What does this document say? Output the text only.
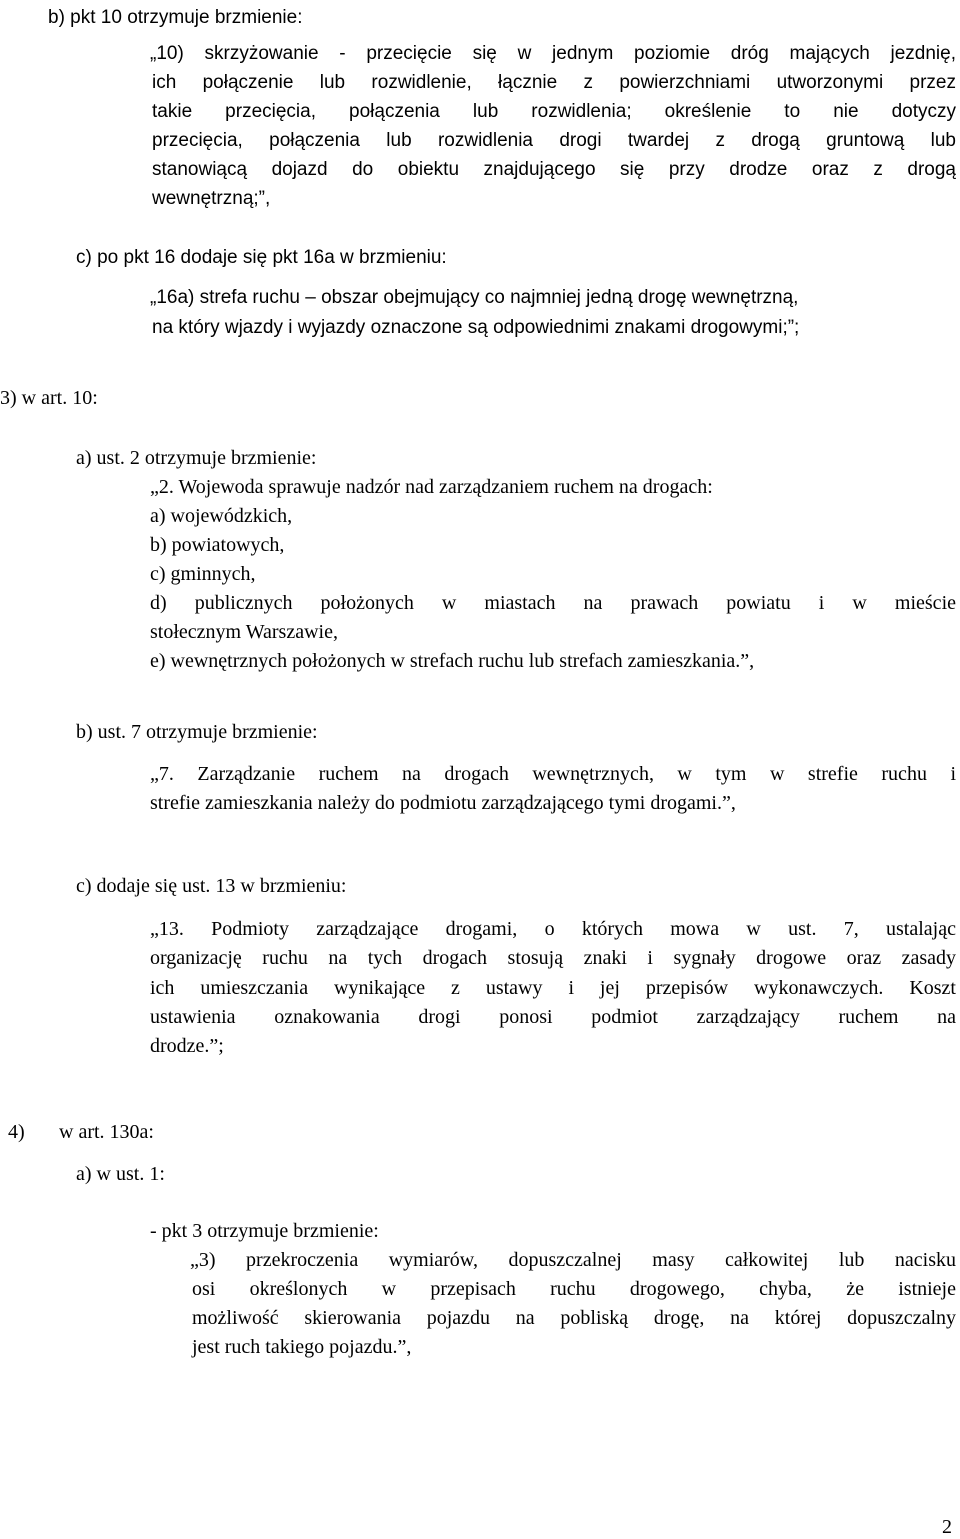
b) pkt 10 otrzymuje brzmienie:
„10) skrzyżowanie - przecięcie się w jednym poziomie dróg mających jezdnię,
ich połączenie lub rozwidlenie, łącznie z powierzchniami utworzonymi przez
takie przecięcia, połączenia lub rozwidlenia; określenie to nie dotyczy
przecięcia, połączenia lub rozwidlenia drogi twardej z drogą gruntową lub
stanowiącą dojazd do obiektu znajdującego się przy drodze oraz z drogą
wewnętrzną;”,
c) po pkt 16 dodaje się pkt 16a w brzmieniu:
„16a) strefa ruchu – obszar obejmujący co najmniej jedną drogę wewnętrzną,
na który wjazdy i wyjazdy oznaczone są odpowiednimi znakami drogowymi;”;
3) w art. 10:
a) ust. 2 otrzymuje brzmienie:
„2. Wojewoda sprawuje nadzór nad zarządzaniem ruchem na drogach:
a) wojewódzkich,
b) powiatowych,
c) gminnych,
d) publicznych położonych w miastach na prawach powiatu i w mieście
stołecznym Warszawie,
e) wewnętrznych położonych w strefach ruchu lub strefach zamieszkania.”,
b) ust. 7 otrzymuje brzmienie:
„7. Zarządzanie ruchem na drogach wewnętrznych, w tym w strefie ruchu i
strefie zamieszkania należy do podmiotu zarządzającego tymi drogami.”,
c) dodaje się ust. 13 w brzmieniu:
„13. Podmioty zarządzające drogami, o których mowa w ust. 7, ustalając
organizację ruchu na tych drogach stosują znaki i sygnały drogowe oraz zasady
ich umieszczania wynikające z ustawy i jej przepisów wykonawczych. Koszt
ustawienia oznakowania drogi ponosi podmiot zarządzający ruchem na
drodze.”;
4) w art. 130a:
a) w ust. 1:
- pkt 3 otrzymuje brzmienie:
„3) przekroczenia wymiarów, dopuszczalnej masy całkowitej lub nacisku
osi określonych w przepisach ruchu drogowego, chyba, że istnieje
możliwość skierowania pojazdu na pobliską drogę, na której dopuszczalny
jest ruch takiego pojazdu.”,
2
